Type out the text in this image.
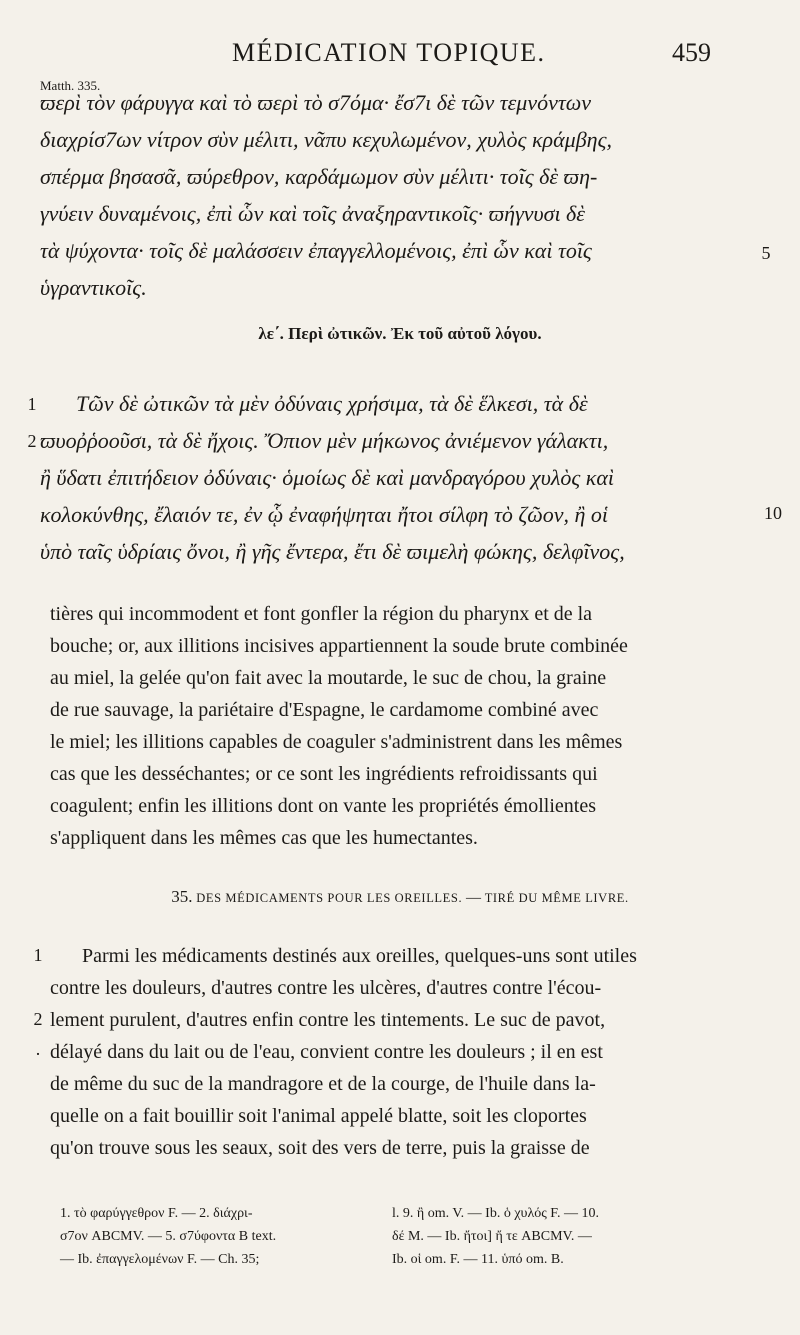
MÉDICATION TOPIQUE.	459
Matth. 335.
ϖερὶ τὸν φάρυγγα καὶ τὸ ϖερὶ τὸ σ7όμα· ἔσ7ι δὲ τῶν τεμνόντων
διαχρίσ7ων νίτρον σὺν μέλιτι, νᾶπυ κεχυλωμένον, χυλὸς κράμβης,
σπέρμα βησασᾶ, ϖύρεθρον, καρδάμωμον σὺν μέλιτι· τοῖς δὲ ϖη-
γνύειν δυναμένοις, ἐπὶ ὧν καὶ τοῖς ἀναξηραντικοῖς· ϖήγνυσι δὲ
τὰ ψύχοντα· τοῖς δὲ μαλάσσειν ἐπαγγελλομένοις, ἐπὶ ὧν καὶ τοῖς
ὑγραντικοῖς.
5
λε΄. Περὶ ὠτικῶν. Ἐκ τοῦ αὐτοῦ λόγου.
Τῶν δὲ ὠτικῶν τὰ μὲν ὀδύναις χρήσιμα, τὰ δὲ ἕλκεσι, τὰ δὲ
ϖυοῤῥοοῦσι, τὰ δὲ ἤχοις. Ὄπιον μὲν μήκωνος ἀνιέμενον γάλακτι,
ἢ ὕδατι ἐπιτήδειον ὀδύναις· ὁμοίως δὲ καὶ μανδραγόρου χυλὸς καὶ
κολοκύνθης, ἔλαιόν τε, ἐν ᾧ ἐναφήψηται ἤτοι σίλφη τὸ ζῶον, ἢ οἱ
ὑπὸ ταῖς ὑδρίαις ὄνοι, ἢ γῆς ἔντερα, ἔτι δὲ ϖιμελὴ φώκης, δελφῖνος,
1
2
10
tières qui incommodent et font gonfler la région du pharynx et de la
bouche; or, aux illitions incisives appartiennent la soude brute combinée
au miel, la gelée qu'on fait avec la moutarde, le suc de chou, la graine
de rue sauvage, la pariétaire d'Espagne, le cardamome combiné avec
le miel; les illitions capables de coaguler s'administrent dans les mêmes
cas que les desséchantes; or ce sont les ingrédients refroidissants qui
coagulent; enfin les illitions dont on vante les propriétés émollientes
s'appliquent dans les mêmes cas que les humectantes.
35. DES MÉDICAMENTS POUR LES OREILLES. — TIRÉ DU MÊME LIVRE.
Parmi les médicaments destinés aux oreilles, quelques-uns sont utiles
contre les douleurs, d'autres contre les ulcères, d'autres contre l'écou-
lement purulent, d'autres enfin contre les tintements. Le suc de pavot,
délayé dans du lait ou de l'eau, convient contre les douleurs ; il en est
de même du suc de la mandragore et de la courge, de l'huile dans la-
quelle on a fait bouillir soit l'animal appelé blatte, soit les cloportes
qu'on trouve sous les seaux, soit des vers de terre, puis la graisse de
1
2
.
1. τὸ φαρύγγεθρον F. — 2. διάχρι-
σ7ον ABCMV. — 5. σ7ύφοντα B text.
— Ib. ἐπαγγελομένων F. — Ch. 35;
l. 9. ἢ om. V. — Ib. ὁ χυλός F. — 10.
δέ M. — Ib. ἤτοι] ἤ τε ABCMV. —
Ib. οἱ om. F. — 11. ὑπό om. B.
